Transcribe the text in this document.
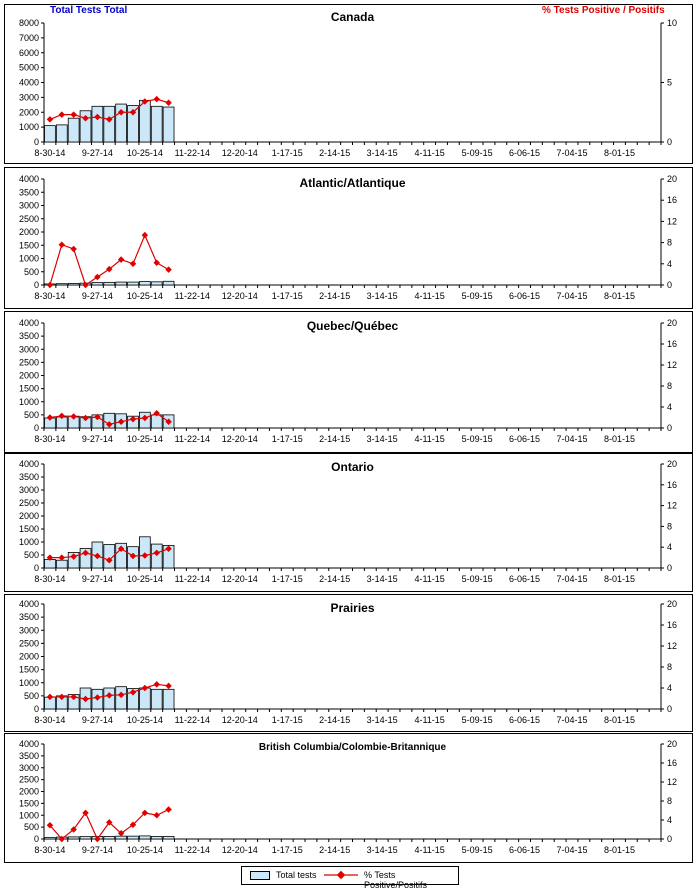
0
1000
2000
3000
4000
5000
6000
7000
8000
0
5
10
8-30-14 9-27-14 10-25-14 11-22-14 12-20-14 1-17-15 2-14-15 3-14-15 4-11-15 5-09-15 6-06-15 7-04-15 8-01-15
Canada
0
500
1000
1500
2000
2500
3000
3500
4000
0
4
8
12
16
20
8-30-14 9-27-14 10-25-14 11-22-14 12-20-14 1-17-15 2-14-15 3-14-15 4-11-15 5-09-15 6-06-15 7-04-15 8-01-15
Atlantic/Atlantique
0
500
1000
1500
2000
2500
3000
3500
4000
0
4
8
12
16
20
8-30-14 9-27-14 10-25-14 11-22-14 12-20-14 1-17-15 2-14-15 3-14-15 4-11-15 5-09-15 6-06-15 7-04-15 8-01-15
Quebec/Québec
0
500
1000
1500
2000
2500
3000
3500
4000
0
4
8
12
16
20
8-30-14 9-27-14 10-25-14 11-22-14 12-20-14 1-17-15 2-14-15 3-14-15 4-11-15 5-09-15 6-06-15 7-04-15 8-01-15
Ontario
0
500
1000
1500
2000
2500
3000
3500
4000
0
4
8
12
16
20
8-30-14 9-27-14 10-25-14 11-22-14 12-20-14 1-17-15 2-14-15 3-14-15 4-11-15 5-09-15 6-06-15 7-04-15 8-01-15
Prairies
0
500
1000
1500
2000
2500
3000
3500
4000
0
4
8
12
16
20
8-30-14 9-27-14 10-25-14 11-22-14 12-20-14 1-17-15 2-14-15 3-14-15 4-11-15 5-09-15 6-06-15 7-04-15 8-01-15
British Columbia/Colombie-Britannique
Total Tests Total	% Tests Positive / Positifs
Total tests	% Tests Positive/Positifs
